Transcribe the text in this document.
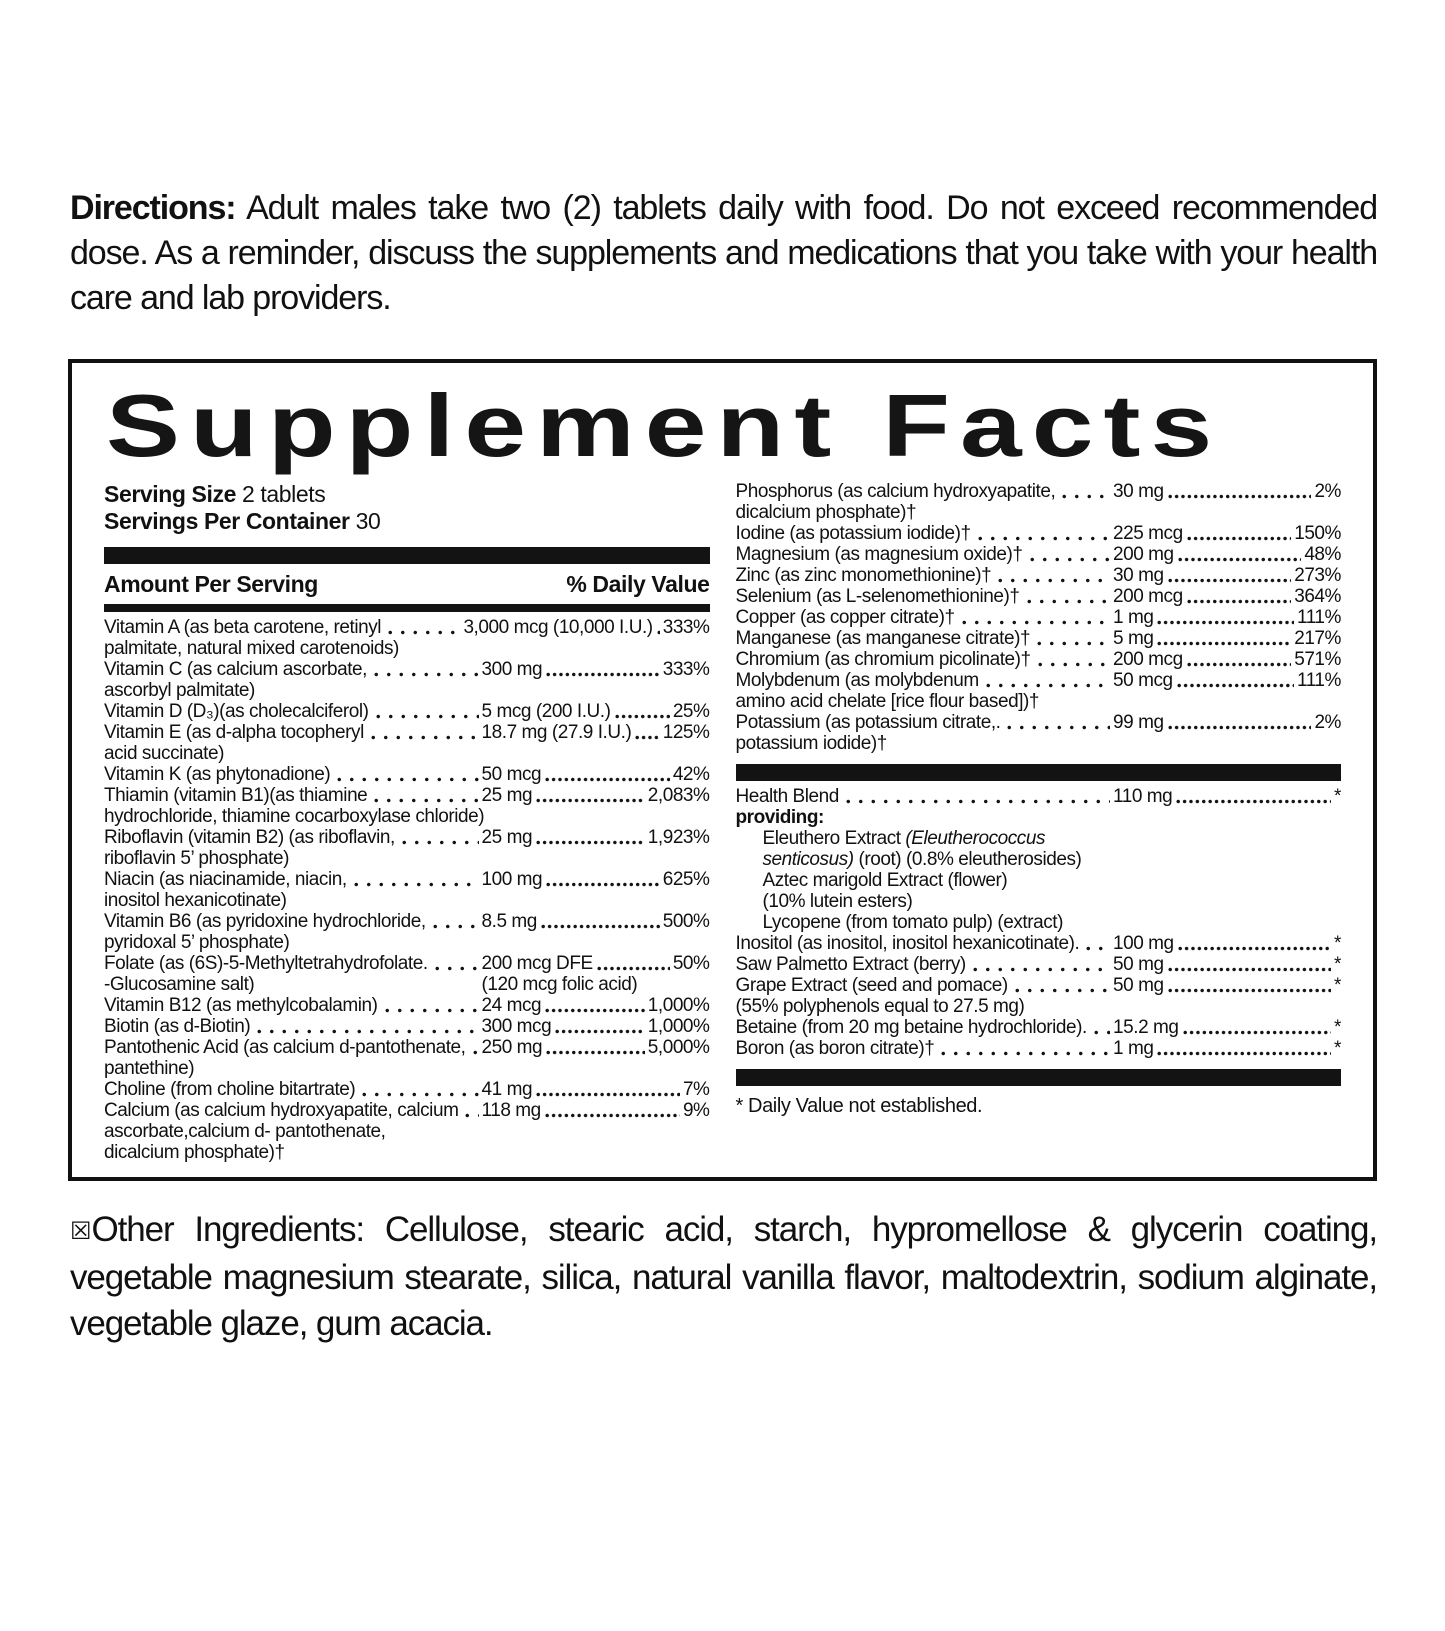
Directions: Adult males take two (2) tablets daily with food. Do not exceed recommended dose. As a reminder, discuss the supplements and medications that you take with your health care and lab providers.

Supplement Facts
Serving Size 2 tablets
Servings Per Container 30
Amount Per Serving	% Daily Value
Vitamin A (as beta carotene, retinyl	3,000 mcg (10,000 I.U.) 333%
palmitate, natural mixed carotenoids)
Vitamin C (as calcium ascorbate,	300 mg	333%
ascorbyl palmitate)
Vitamin D (D₃)(as cholecalciferol)	5 mcg (200 I.U.)	25%
Vitamin E (as d-alpha tocopheryl	18.7 mg (27.9 I.U.) 125%
acid succinate)
Vitamin K (as phytonadione)	50 mcg	42%
Thiamin (vitamin B1)(as thiamine	25 mg	2,083%
hydrochloride, thiamine cocarboxylase chloride)
Riboflavin (vitamin B2) (as riboflavin,	25 mg	1,923%
riboflavin 5’ phosphate)
Niacin (as niacinamide, niacin,	100 mg	625%
inositol hexanicotinate)
Vitamin B6 (as pyridoxine hydrochloride,	8.5 mg	500%
pyridoxal 5’ phosphate)
Folate (as (6S)-5-Methyltetrahydrofolate.	200 mcg DFE	50%
-Glucosamine salt)	(120 mcg folic acid)
Vitamin B12 (as methylcobalamin)	24 mcg	1,000%
Biotin (as d-Biotin)	300 mcg	1,000%
Pantothenic Acid (as calcium d-pantothenate, 250 mg	5,000%
pantethine)
Choline (from choline bitartrate)	41 mg	7%
Calcium (as calcium hydroxyapatite, calcium 118 mg	9%
ascorbate,calcium d- pantothenate,
dicalcium phosphate)†
Phosphorus (as calcium hydroxyapatite,	30 mg	2%
dicalcium phosphate)†
Iodine (as potassium iodide)†	225 mcg	150%
Magnesium (as magnesium oxide)†	200 mg	48%
Zinc (as zinc monomethionine)†	30 mg	273%
Selenium (as L-selenomethionine)†	200 mcg	364%
Copper (as copper citrate)†	1 mg	111%
Manganese (as manganese citrate)†	5 mg	217%
Chromium (as chromium picolinate)†	200 mcg	571%
Molybdenum (as molybdenum	50 mcg	111%
amino acid chelate [rice flour based])†
Potassium (as potassium citrate,.	99 mg	2%
potassium iodide)†
Health Blend	110 mg	*
providing:
Eleuthero Extract (Eleutherococcus
senticosus) (root) (0.8% eleutherosides)
Aztec marigold Extract (flower)
(10% lutein esters)
Lycopene (from tomato pulp) (extract)
Inositol (as inositol, inositol hexanicotinate). 100 mg	*
Saw Palmetto Extract (berry)	50 mg	*
Grape Extract (seed and pomace)	50 mg	*
(55% polyphenols equal to 27.5 mg)
Betaine (from 20 mg betaine hydrochloride). 15.2 mg	*
Boron (as boron citrate)†	1 mg	*
* Daily Value not established.

☒Other Ingredients: Cellulose, stearic acid, starch, hypromellose & glycerin coating, vegetable magnesium stearate, silica, natural vanilla flavor, maltodextrin, sodium alginate, vegetable glaze, gum acacia.
